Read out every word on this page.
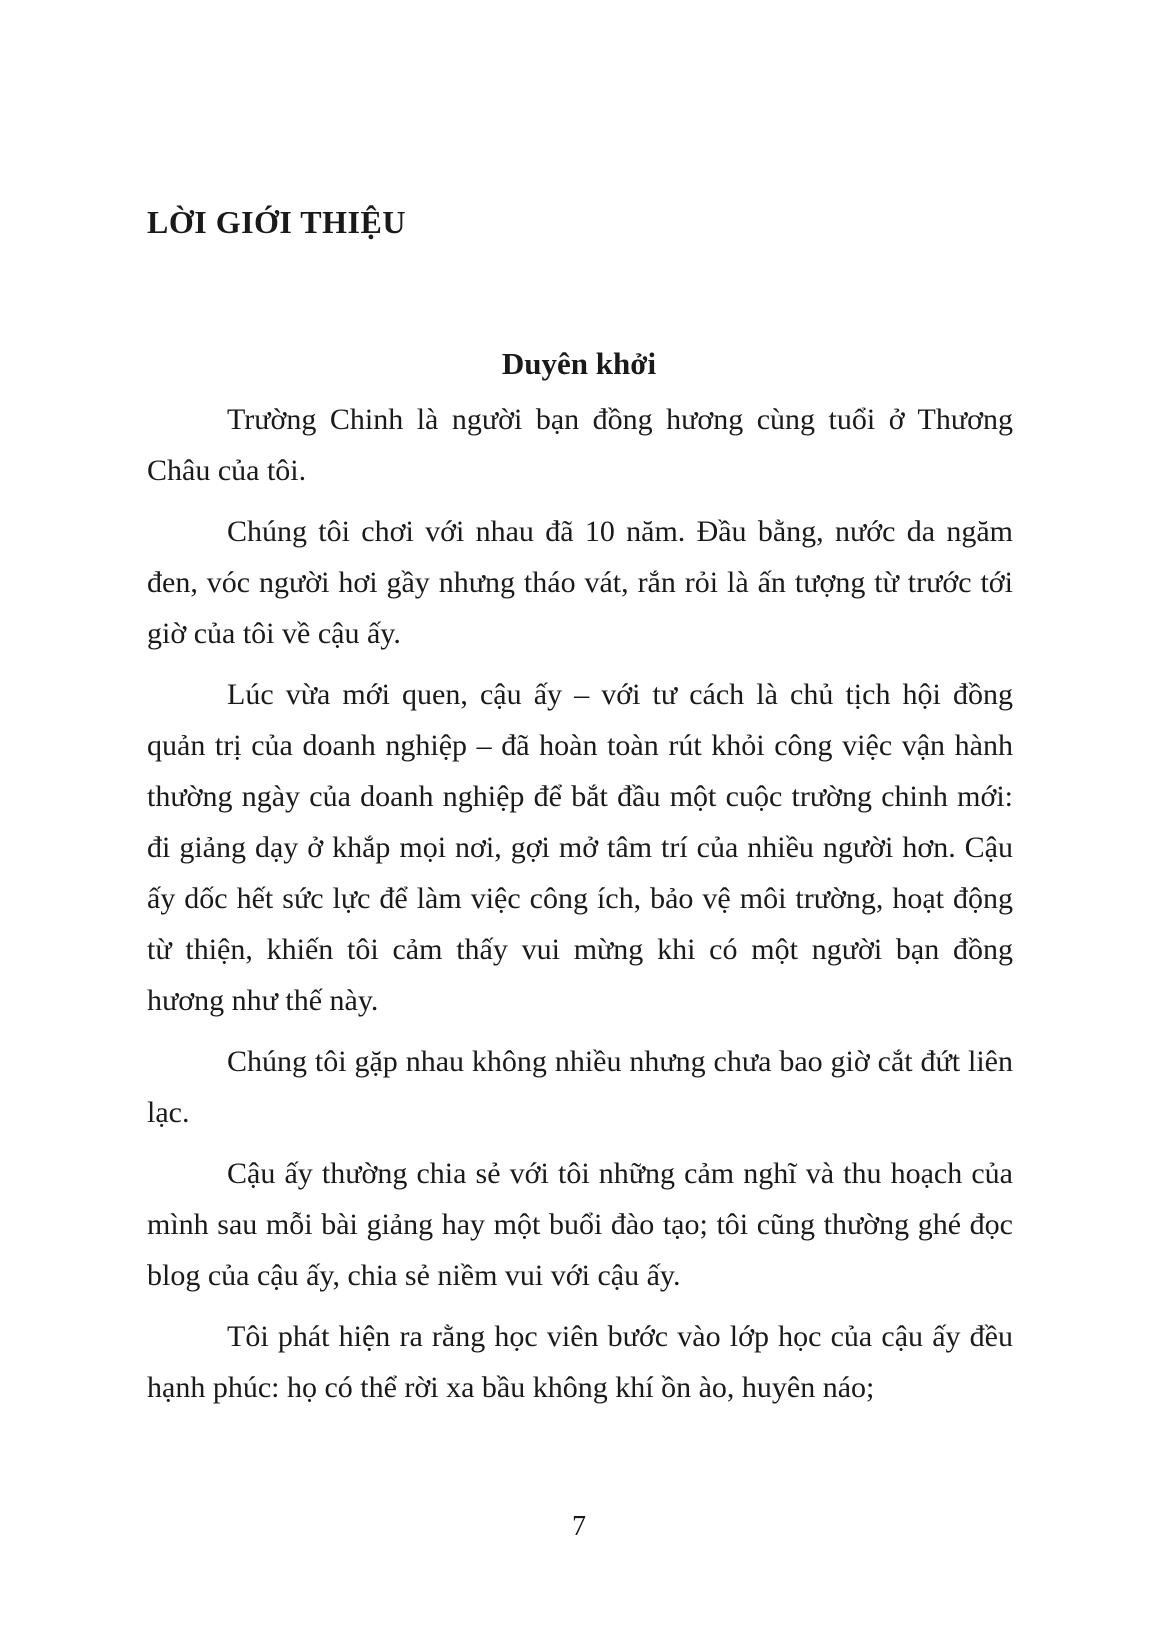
LỜI GIỚI THIỆU
Duyên khởi

Trường Chinh là người bạn đồng hương cùng tuổi ở Thương Châu của tôi.

Chúng tôi chơi với nhau đã 10 năm. Đầu bằng, nước da ngăm đen, vóc người hơi gầy nhưng tháo vát, rắn rỏi là ấn tượng từ trước tới giờ của tôi về cậu ấy.

Lúc vừa mới quen, cậu ấy – với tư cách là chủ tịch hội đồng quản trị của doanh nghiệp – đã hoàn toàn rút khỏi công việc vận hành thường ngày của doanh nghiệp để bắt đầu một cuộc trường chinh mới: đi giảng dạy ở khắp mọi nơi, gợi mở tâm trí của nhiều người hơn. Cậu ấy dốc hết sức lực để làm việc công ích, bảo vệ môi trường, hoạt động từ thiện, khiến tôi cảm thấy vui mừng khi có một người bạn đồng hương như thế này.

Chúng tôi gặp nhau không nhiều nhưng chưa bao giờ cắt đứt liên lạc.

Cậu ấy thường chia sẻ với tôi những cảm nghĩ và thu hoạch của mình sau mỗi bài giảng hay một buổi đào tạo; tôi cũng thường ghé đọc blog của cậu ấy, chia sẻ niềm vui với cậu ấy.

Tôi phát hiện ra rằng học viên bước vào lớp học của cậu ấy đều hạnh phúc: họ có thể rời xa bầu không khí ồn ào, huyên náo;

7
